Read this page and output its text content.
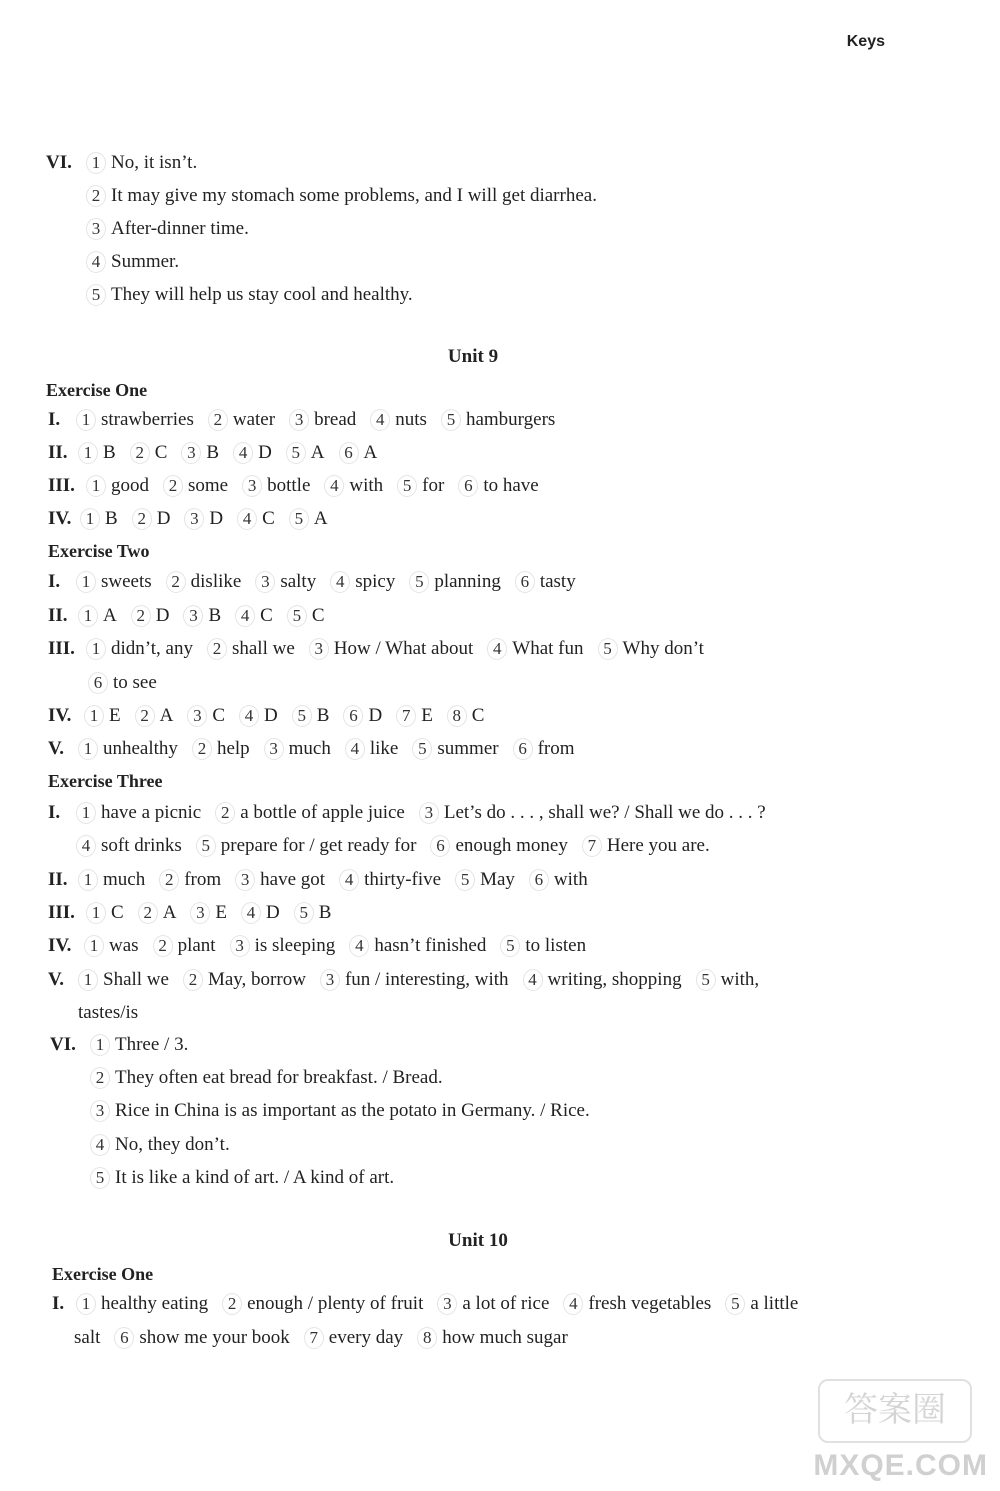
Keys
VI. 1 No, it isn’t.
2 It may give my stomach some problems, and I will get diarrhea.
3 After-dinner time.
4 Summer.
5 They will help us stay cool and healthy.
Unit 9
Exercise One
I. 1 strawberries 2 water 3 bread 4 nuts 5 hamburgers
II. 1 B 2 C 3 B 4 D 5 A 6 A
III. 1 good 2 some 3 bottle 4 with 5 for 6 to have
IV. 1 B 2 D 3 D 4 C 5 A
Exercise Two
I. 1 sweets 2 dislike 3 salty 4 spicy 5 planning 6 tasty
II. 1 A 2 D 3 B 4 C 5 C
III. 1 didn’t, any 2 shall we 3 How / What about 4 What fun 5 Why don’t
6 to see
IV. 1 E 2 A 3 C 4 D 5 B 6 D 7 E 8 C
V. 1 unhealthy 2 help 3 much 4 like 5 summer 6 from
Exercise Three
I. 1 have a picnic 2 a bottle of apple juice 3 Let’s do . . . , shall we? / Shall we do . . . ?
4 soft drinks 5 prepare for / get ready for 6 enough money 7 Here you are.
II. 1 much 2 from 3 have got 4 thirty-five 5 May 6 with
III. 1 C 2 A 3 E 4 D 5 B
IV. 1 was 2 plant 3 is sleeping 4 hasn’t finished 5 to listen
V. 1 Shall we 2 May, borrow 3 fun / interesting, with 4 writing, shopping 5 with,
tastes/is
VI. 1 Three / 3.
2 They often eat bread for breakfast. / Bread.
3 Rice in China is as important as the potato in Germany. / Rice.
4 No, they don’t.
5 It is like a kind of art. / A kind of art.
Unit 10
Exercise One
I. 1 healthy eating 2 enough / plenty of fruit 3 a lot of rice 4 fresh vegetables 5 a little
salt 6 show me your book 7 every day 8 how much sugar
答案圈
MXQE.COM
